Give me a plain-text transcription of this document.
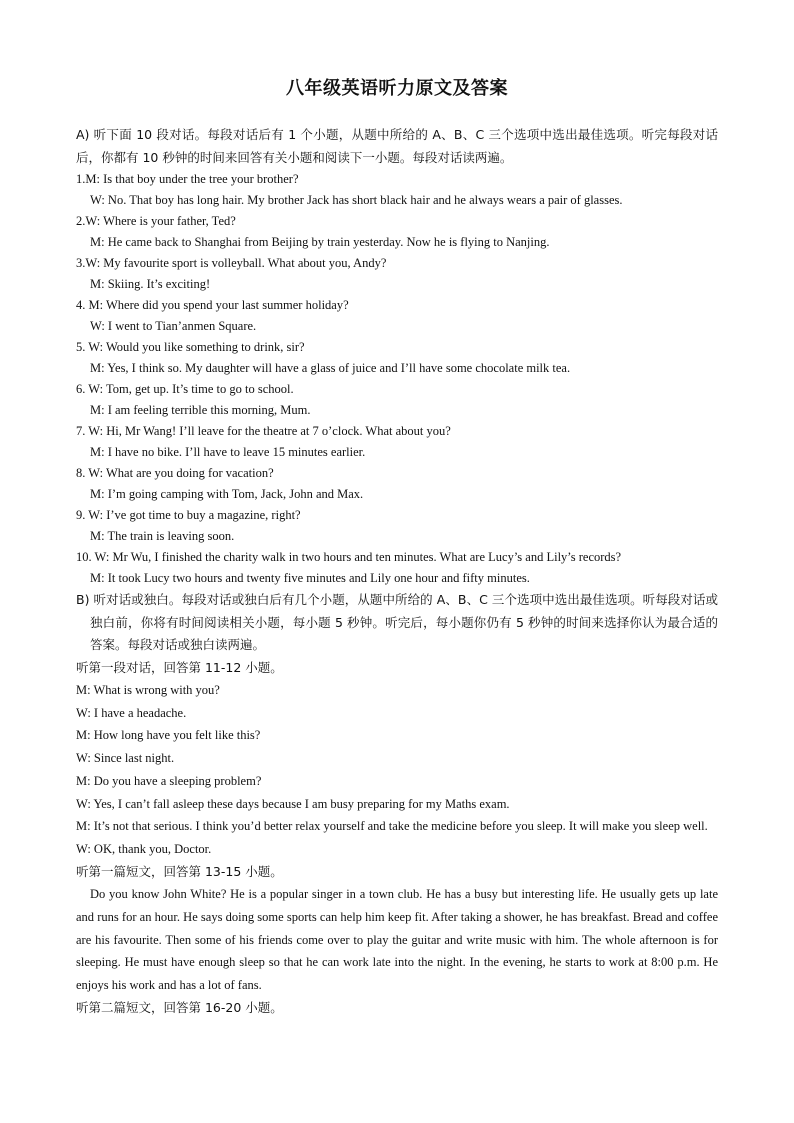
八年级英语听力原文及答案

A) 听下面 10 段对话。每段对话后有 1 个小题，从题中所给的 A、B、C 三个选项中选出最佳选项。听完每段对话后，你都有 10 秒钟的时间来回答有关小题和阅读下一小题。每段对话读两遍。

1.M: Is that boy under the tree your brother?

W: No. That boy has long hair. My brother Jack has short black hair and he always wears a pair of glasses.

2.W: Where is your father, Ted?

M: He came back to Shanghai from Beijing by train yesterday. Now he is flying to Nanjing.

3.W: My favourite sport is volleyball. What about you, Andy?

M: Skiing. It’s exciting!

4. M: Where did you spend your last summer holiday?

W: I went to Tian’anmen Square.

5. W: Would you like something to drink, sir?

M: Yes, I think so. My daughter will have a glass of juice and I’ll have some chocolate milk tea.

6. W: Tom, get up. It’s time to go to school.

M: I am feeling terrible this morning, Mum.

7. W: Hi, Mr Wang! I’ll leave for the theatre at 7 o’clock. What about you?

M: I have no bike. I’ll have to leave 15 minutes earlier.

8. W: What are you doing for vacation?

M: I’m going camping with Tom, Jack, John and Max.

9. W: I’ve got time to buy a magazine, right?

M: The train is leaving soon.

10. W: Mr Wu, I finished the charity walk in two hours and ten minutes. What are Lucy’s and Lily’s records?

M: It took Lucy two hours and twenty five minutes and Lily one hour and fifty minutes.

B) 听对话或独白。每段对话或独白后有几个小题，从题中所给的 A、B、C 三个选项中选出最佳选项。听每段对话或独白前，你将有时间阅读相关小题，每小题 5 秒钟。听完后，每小题你仍有 5 秒钟的时间来选择你认为最合适的答案。每段对话或独白读两遍。

听第一段对话，回答第 11-12 小题。

M: What is wrong with you?

W: I have a headache.

M: How long have you felt like this?

W: Since last night.

M: Do you have a sleeping problem?

W: Yes, I can’t fall asleep these days because I am busy preparing for my Maths exam.

M: It’s not that serious. I think you’d better relax yourself and take the medicine before you sleep. It will make you sleep well.

W: OK, thank you, Doctor.

听第一篇短文，回答第 13-15 小题。

Do you know John White? He is a popular singer in a town club. He has a busy but interesting life. He usually gets up late and runs for an hour. He says doing some sports can help him keep fit. After taking a shower, he has breakfast. Bread and coffee are his favourite. Then some of his friends come over to play the guitar and write music with him. The whole afternoon is for sleeping. He must have enough sleep so that he can work late into the night. In the evening, he starts to work at 8:00 p.m. He enjoys his work and has a lot of fans.

听第二篇短文，回答第 16-20 小题。
